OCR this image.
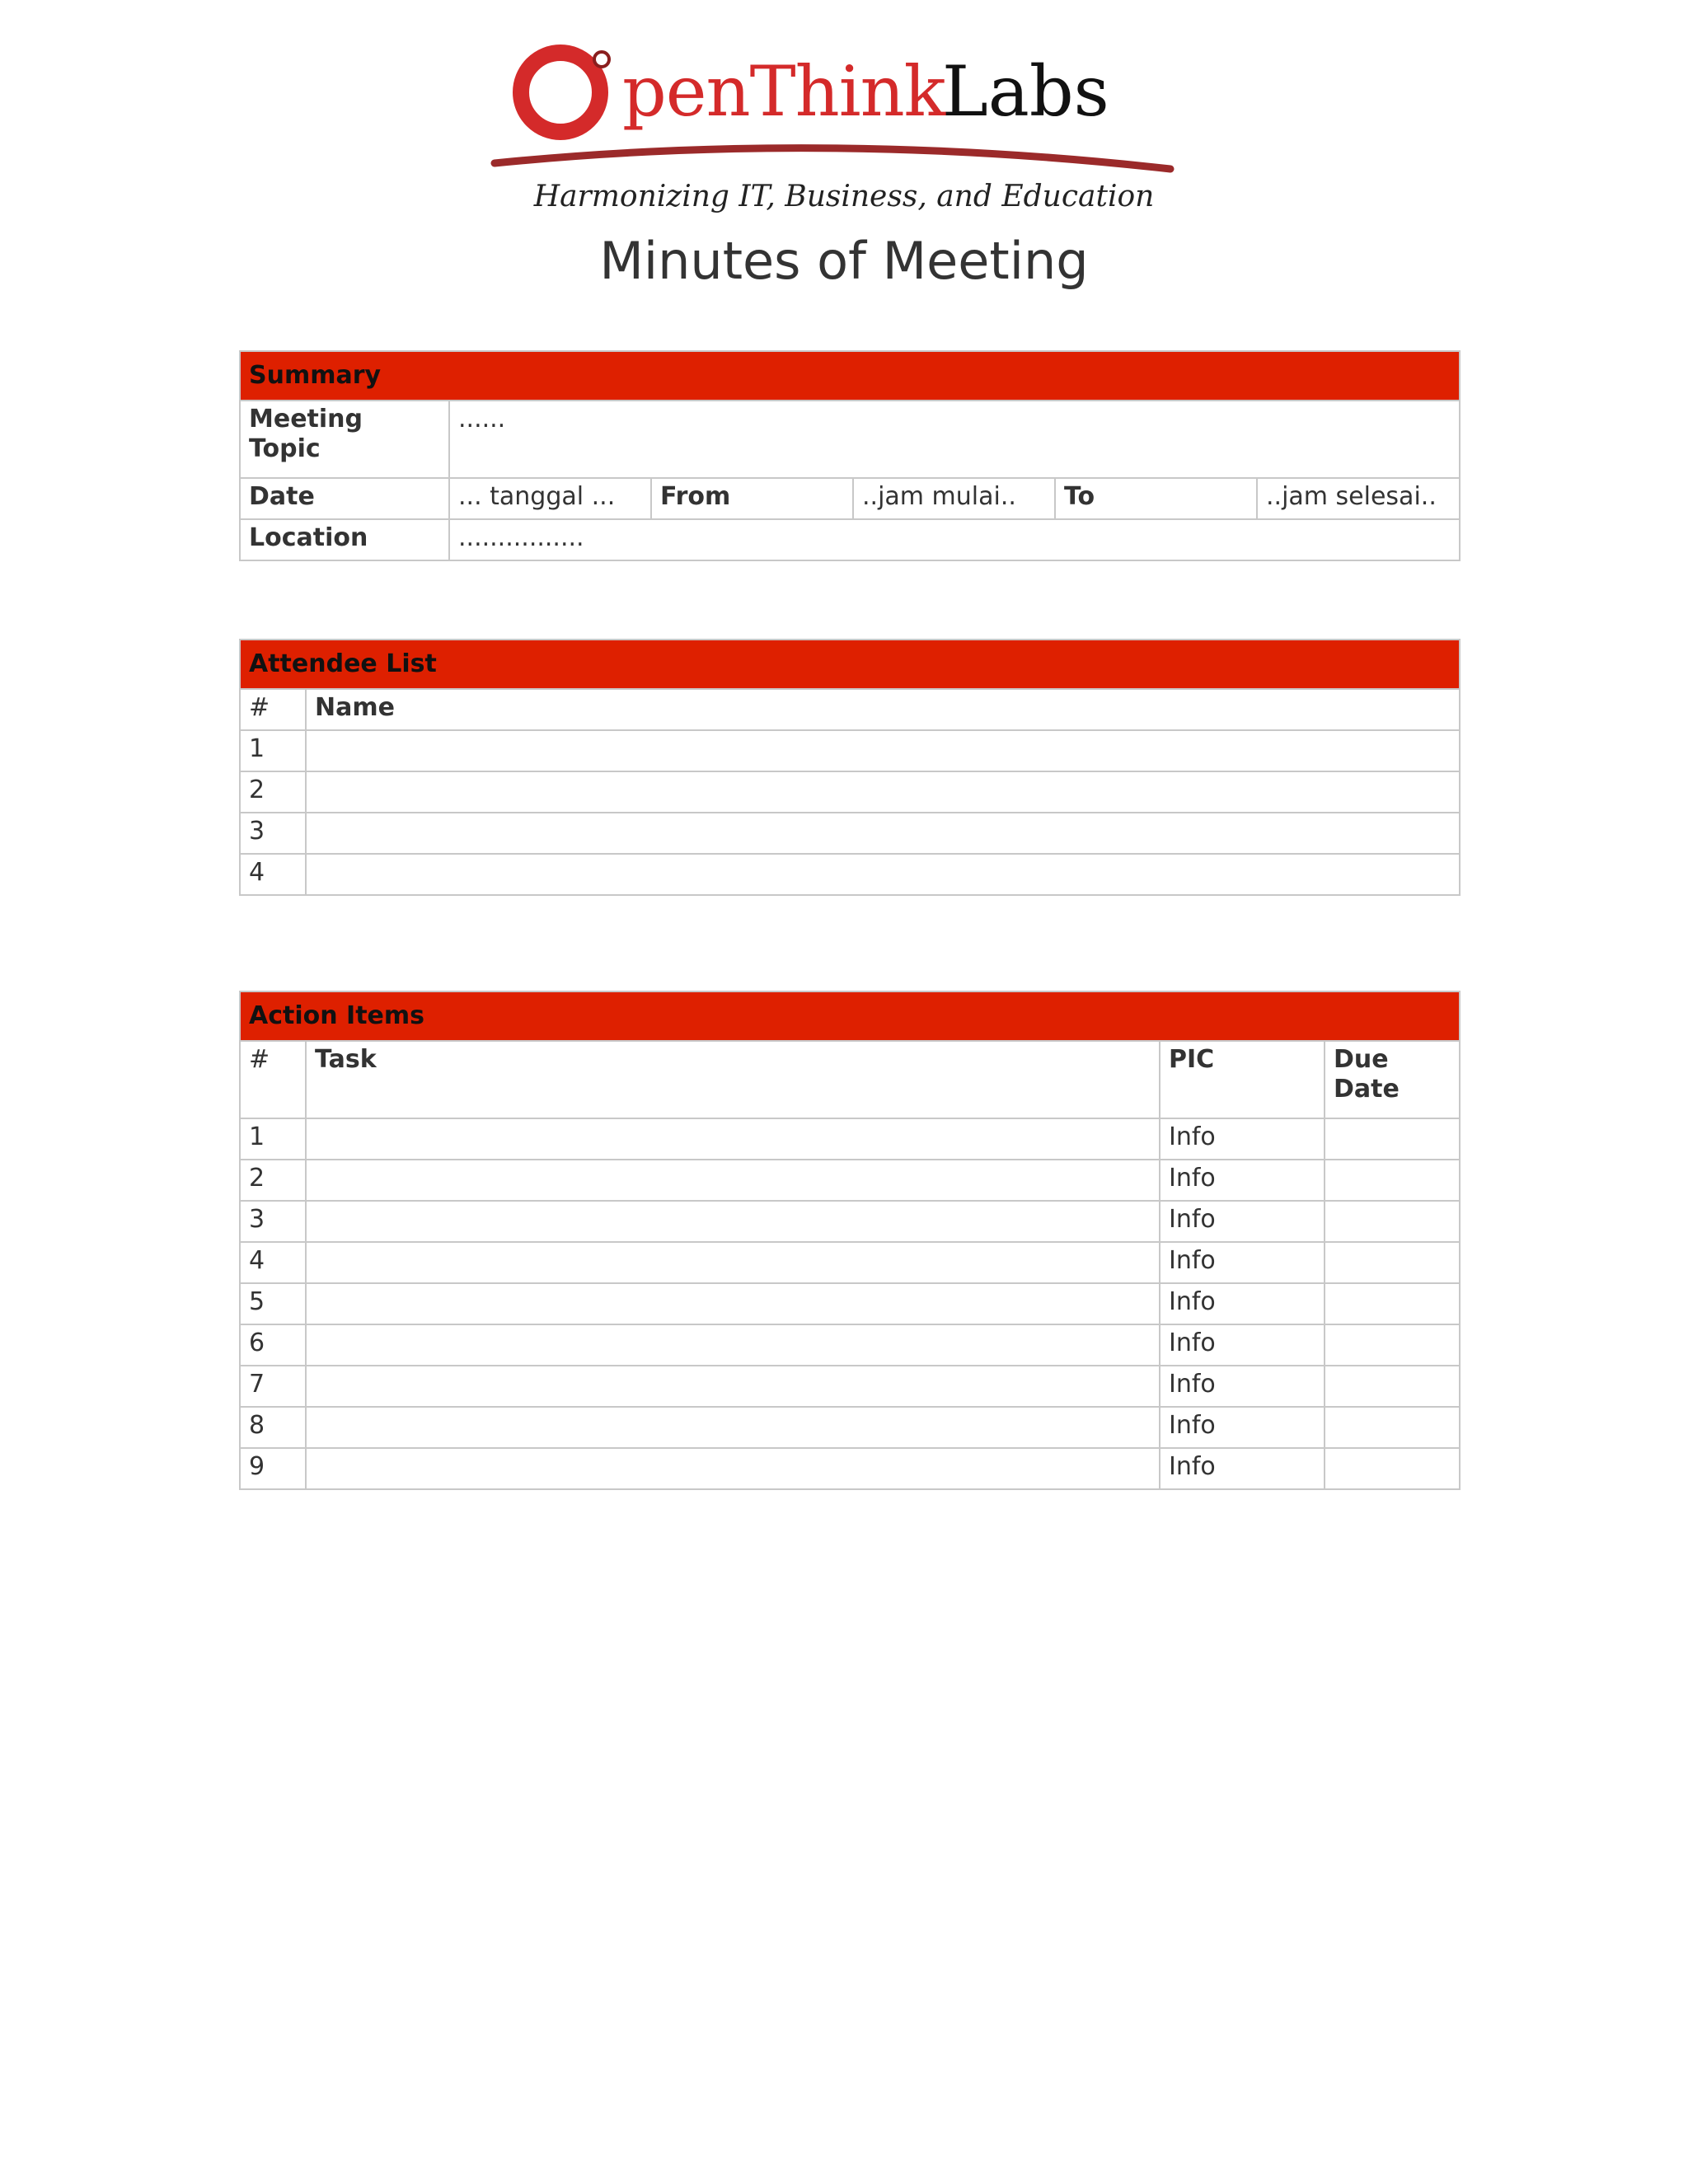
penThink
Labs
Harmonizing IT, Business, and Education
Minutes of Meeting
Summary					
Meeting Topic	......				
Date	... tanggal ...	From	..jam mulai..	To	..jam selesai..
Location	................				
Attendee List	
#	Name
1	
2	
3	
4	
Action Items			
#	Task	PIC	Due Date
1		Info	
2		Info	
3		Info	
4		Info	
5		Info	
6		Info	
7		Info	
8		Info	
9		Info	
